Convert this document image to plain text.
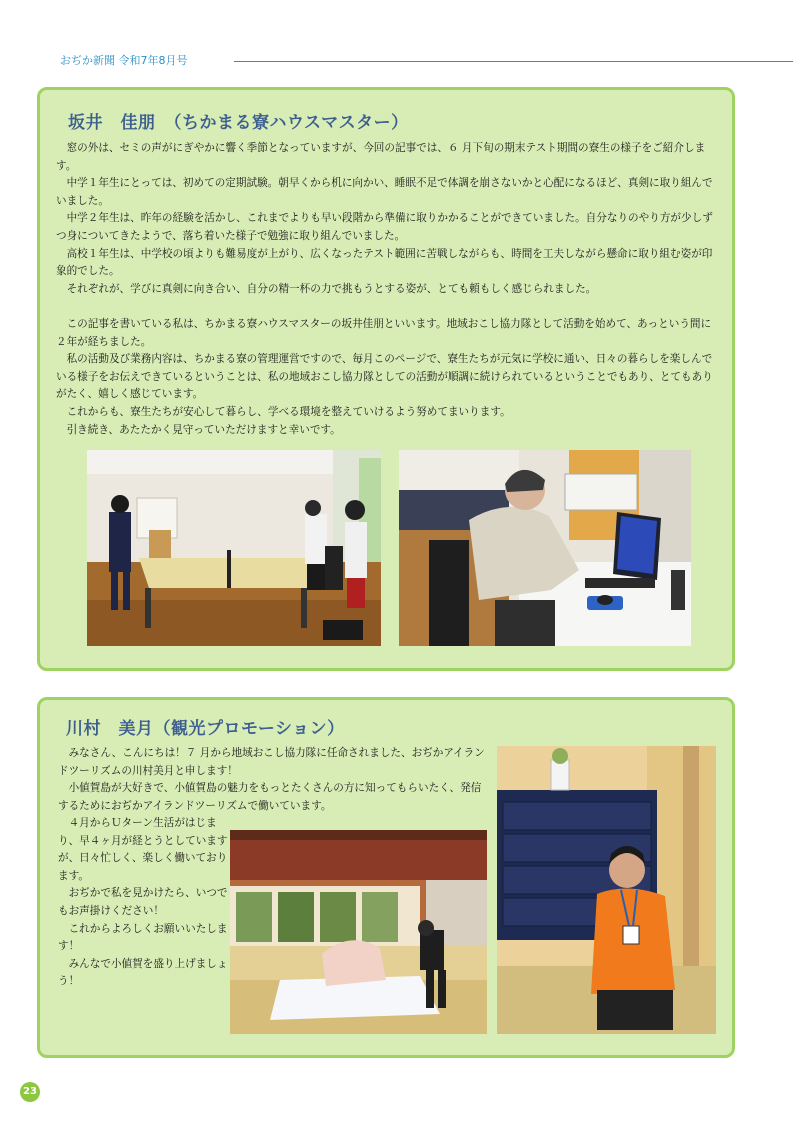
おぢか新聞 令和7年8月号
坂井　佳朋　（ちかまる寮ハウスマスター）

窓の外は、セミの声がにぎやかに響く季節となっていますが、今回の記事では、６ 月下旬の期末テスト期間の寮生の様子をご紹介します。

中学１年生にとっては、初めての定期試験。朝早くから机に向かい、睡眠不足で体調を崩さないかと心配になるほど、真剣に取り組んでいました。

中学２年生は、昨年の経験を活かし、これまでよりも早い段階から準備に取りかかることができていました。自分なりのやり方が少しずつ身についてきたようで、落ち着いた様子で勉強に取り組んでいました。

高校１年生は、中学校の頃よりも難易度が上がり、広くなったテスト範囲に苦戦しながらも、時間を工夫しながら懸命に取り組む姿が印象的でした。

それぞれが、学びに真剣に向き合い、自分の精一杯の力で挑もうとする姿が、とても頼もしく感じられました。

この記事を書いている私は、ちかまる寮ハウスマスターの坂井佳朋といいます。地域おこし協力隊として活動を始めて、あっという間に２年が経ちました。

私の活動及び業務内容は、ちかまる寮の管理運営ですので、毎月このページで、寮生たちが元気に学校に通い、日々の暮らしを楽しんでいる様子をお伝えできているということは、私の地域おこし協力隊としての活動が順調に続けられているということでもあり、とてもありがたく、嬉しく感じています。

これからも、寮生たちが安心して暮らし、学べる環境を整えていけるよう努めてまいります。

引き続き、あたたかく見守っていただけますと幸いです。

川村　美月（観光プロモーション）

みなさん、こんにちは！７ 月から地域おこし協力隊に任命されました、おぢかアイランドツーリズムの川村美月と申します！

小値賀島が大好きで、小値賀島の魅力をもっとたくさんの方に知ってもらいたく、発信するためにおぢかアイランドツーリズムで働いています。

４月からＵターン生活がはじまり、早４ヶ月が経とうとしていますが、日々忙しく、楽しく働いております。

おぢかで私を見かけたら、いつでもお声掛けください！

これからよろしくお願いいたします！

みんなで小値賀を盛り上げましょう！

23
